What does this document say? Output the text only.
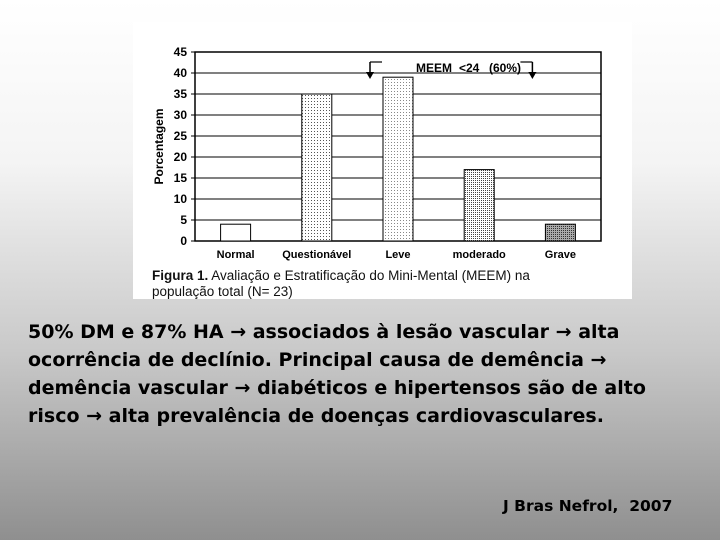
0
5
10
15
20
25
30
35
40
45
Porcentagem
Normal	Questionável	Leve	moderado	Grave
MEEM <24 (60%)
Figura 1. Avaliação e Estratificação do Mini-Mental (MEEM) na
população total (N= 23)
50% DM e 87% HA → associados à lesão vascular → alta
ocorrência de declínio. Principal causa de demência →
demência vascular → diabéticos e hipertensos são de alto
risco → alta prevalência de doenças cardiovasculares.
J Bras Nefrol,  2007
